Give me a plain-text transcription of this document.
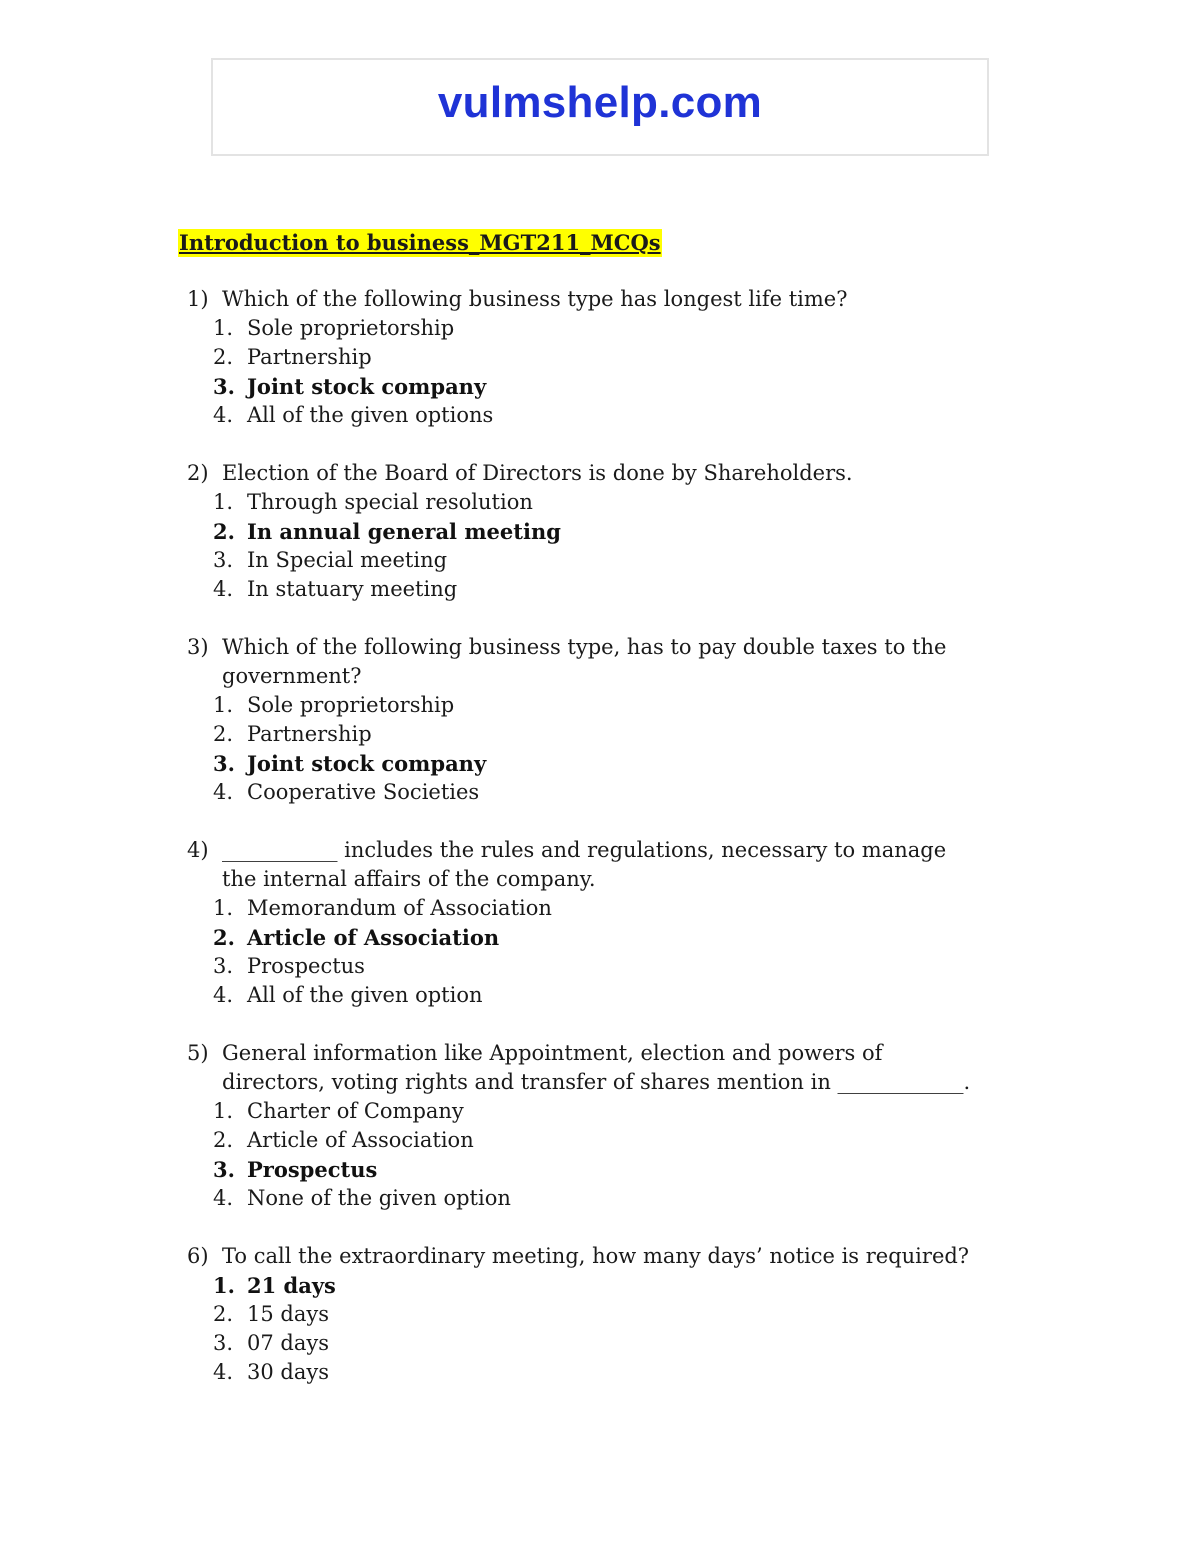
vulmshelp.com
Introduction to business_MGT211_MCQs
1) Which of the following business type has longest life time?
1. Sole proprietorship
2. Partnership
3. Joint stock company
4. All of the given options
2) Election of the Board of Directors is done by Shareholders.
1. Through special resolution
2. In annual general meeting
3. In Special meeting
4. In statuary meeting
3) Which of the following business type, has to pay double taxes to the government?
1. Sole proprietorship
2. Partnership
3. Joint stock company
4. Cooperative Societies
4) ___________ includes the rules and regulations, necessary to manage the internal affairs of the company.
1. Memorandum of Association
2. Article of Association
3. Prospectus
4. All of the given option
5) General information like Appointment, election and powers of directors, voting rights and transfer of shares mention in ____________.
1. Charter of Company
2. Article of Association
3. Prospectus
4. None of the given option
6) To call the extraordinary meeting, how many days’ notice is required?
1. 21 days
2. 15 days
3. 07 days
4. 30 days
